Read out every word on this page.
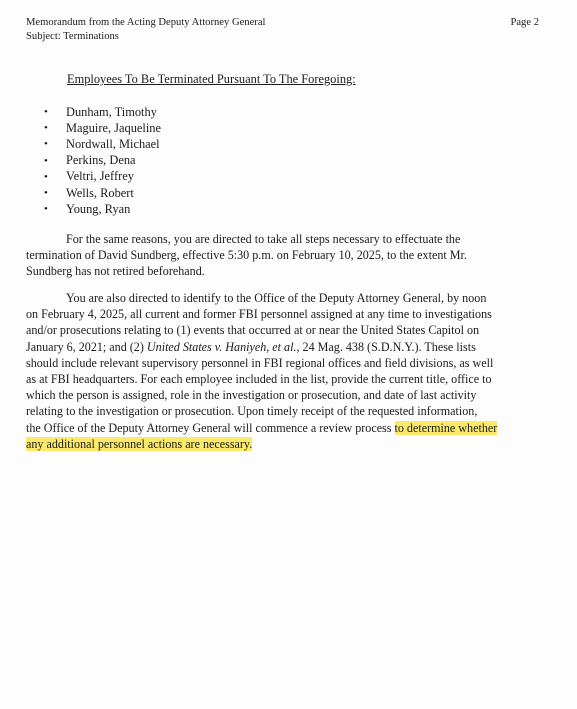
Memorandum from the Acting Deputy Attorney General
Subject: Terminations
Page 2
Employees To Be Terminated Pursuant To The Foregoing:
•	Dunham, Timothy
•	Maguire, Jaqueline
•	Nordwall, Michael
•	Perkins, Dena
•	Veltri, Jeffrey
•	Wells, Robert
•	Young, Ryan

For the same reasons, you are directed to take all steps necessary to effectuate the

termination of David Sundberg, effective 5:30 p.m. on February 10, 2025, to the extent Mr.

Sundberg has not retired beforehand.

You are also directed to identify to the Office of the Deputy Attorney General, by noon

on February 4, 2025, all current and former FBI personnel assigned at any time to investigations

and/or prosecutions relating to (1) events that occurred at or near the United States Capitol on

January 6, 2021; and (2) United States v. Haniyeh, et al., 24 Mag. 438 (S.D.N.Y.). These lists

should include relevant supervisory personnel in FBI regional offices and field divisions, as well

as at FBI headquarters. For each employee included in the list, provide the current title, office to

which the person is assigned, role in the investigation or prosecution, and date of last activity

relating to the investigation or prosecution. Upon timely receipt of the requested information,

the Office of the Deputy Attorney General will commence a review process to determine whether

any additional personnel actions are necessary.
